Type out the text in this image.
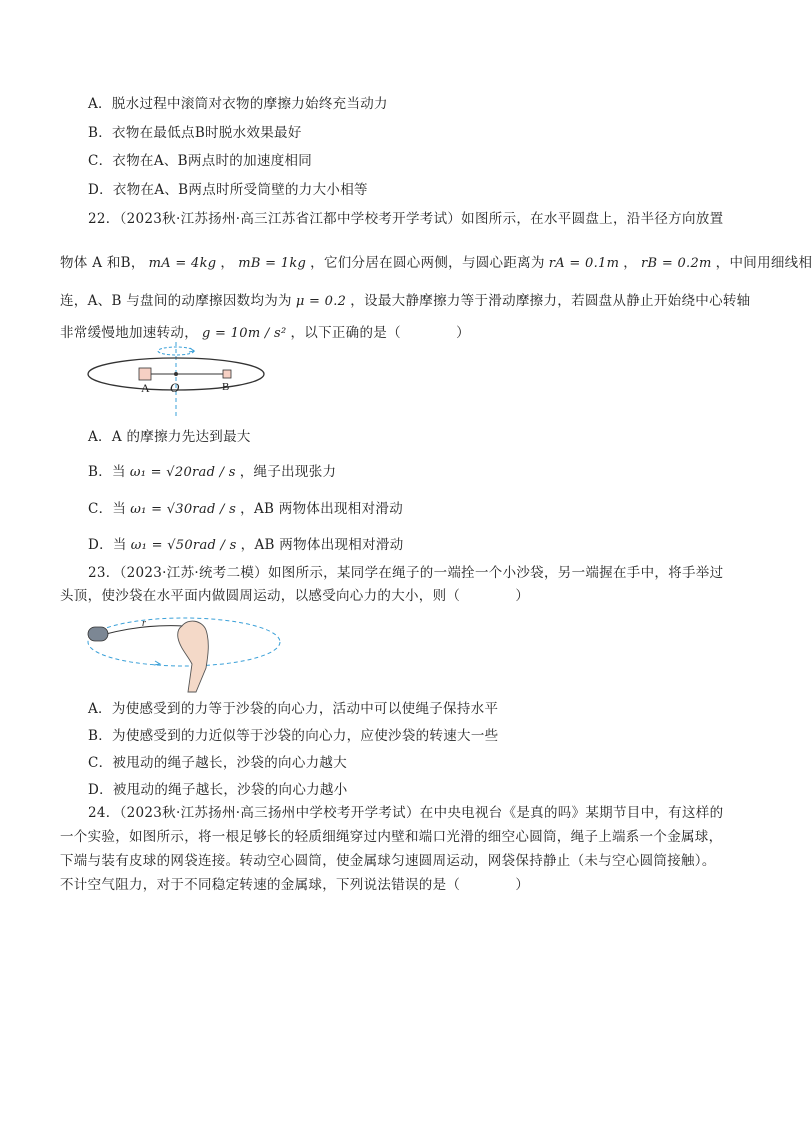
A．脱水过程中滚筒对衣物的摩擦力始终充当动力
B．衣物在最低点B时脱水效果最好
C．衣物在A、B两点时的加速度相同
D．衣物在A、B两点时所受筒壁的力大小相等
22．（2023秋·江苏扬州·高三江苏省江都中学校考开学考试）如图所示，在水平圆盘上，沿半径方向放置
物体 A 和B， mA = 4kg ， mB = 1kg ，它们分居在圆心两侧，与圆心距离为 rA = 0.1m ， rB = 0.2m ，中间用细线相
连，A、B 与盘间的动摩擦因数均为为 μ = 0.2 ，设最大静摩擦力等于滑动摩擦力，若圆盘从静止开始绕中心转轴
非常缓慢地加速转动， g = 10m / s² ，以下正确的是（　　　　）
A O	B
A．A 的摩擦力先达到最大
B．当 ω₁ = √20rad / s ，绳子出现张力
C．当 ω₁ = √30rad / s ，AB 两物体出现相对滑动
D．当 ω₁ = √50rad / s ，AB 两物体出现相对滑动
23．（2023·江苏·统考二模）如图所示，某同学在绳子的一端拴一个小沙袋，另一端握在手中，将手举过
头顶，使沙袋在水平面内做圆周运动，以感受向心力的大小，则（　　　　）
r
A．为使感受到的力等于沙袋的向心力，活动中可以使绳子保持水平
B．为使感受到的力近似等于沙袋的向心力，应使沙袋的转速大一些
C．被甩动的绳子越长，沙袋的向心力越大
D．被甩动的绳子越长，沙袋的向心力越小
24．（2023秋·江苏扬州·高三扬州中学校考开学考试）在中央电视台《是真的吗》某期节目中，有这样的
一个实验，如图所示，将一根足够长的轻质细绳穿过内壁和端口光滑的细空心圆筒，绳子上端系一个金属球，
下端与装有皮球的网袋连接。转动空心圆筒，使金属球匀速圆周运动，网袋保持静止（未与空心圆筒接触）。
不计空气阻力，对于不同稳定转速的金属球，下列说法错误的是（　　　　）
